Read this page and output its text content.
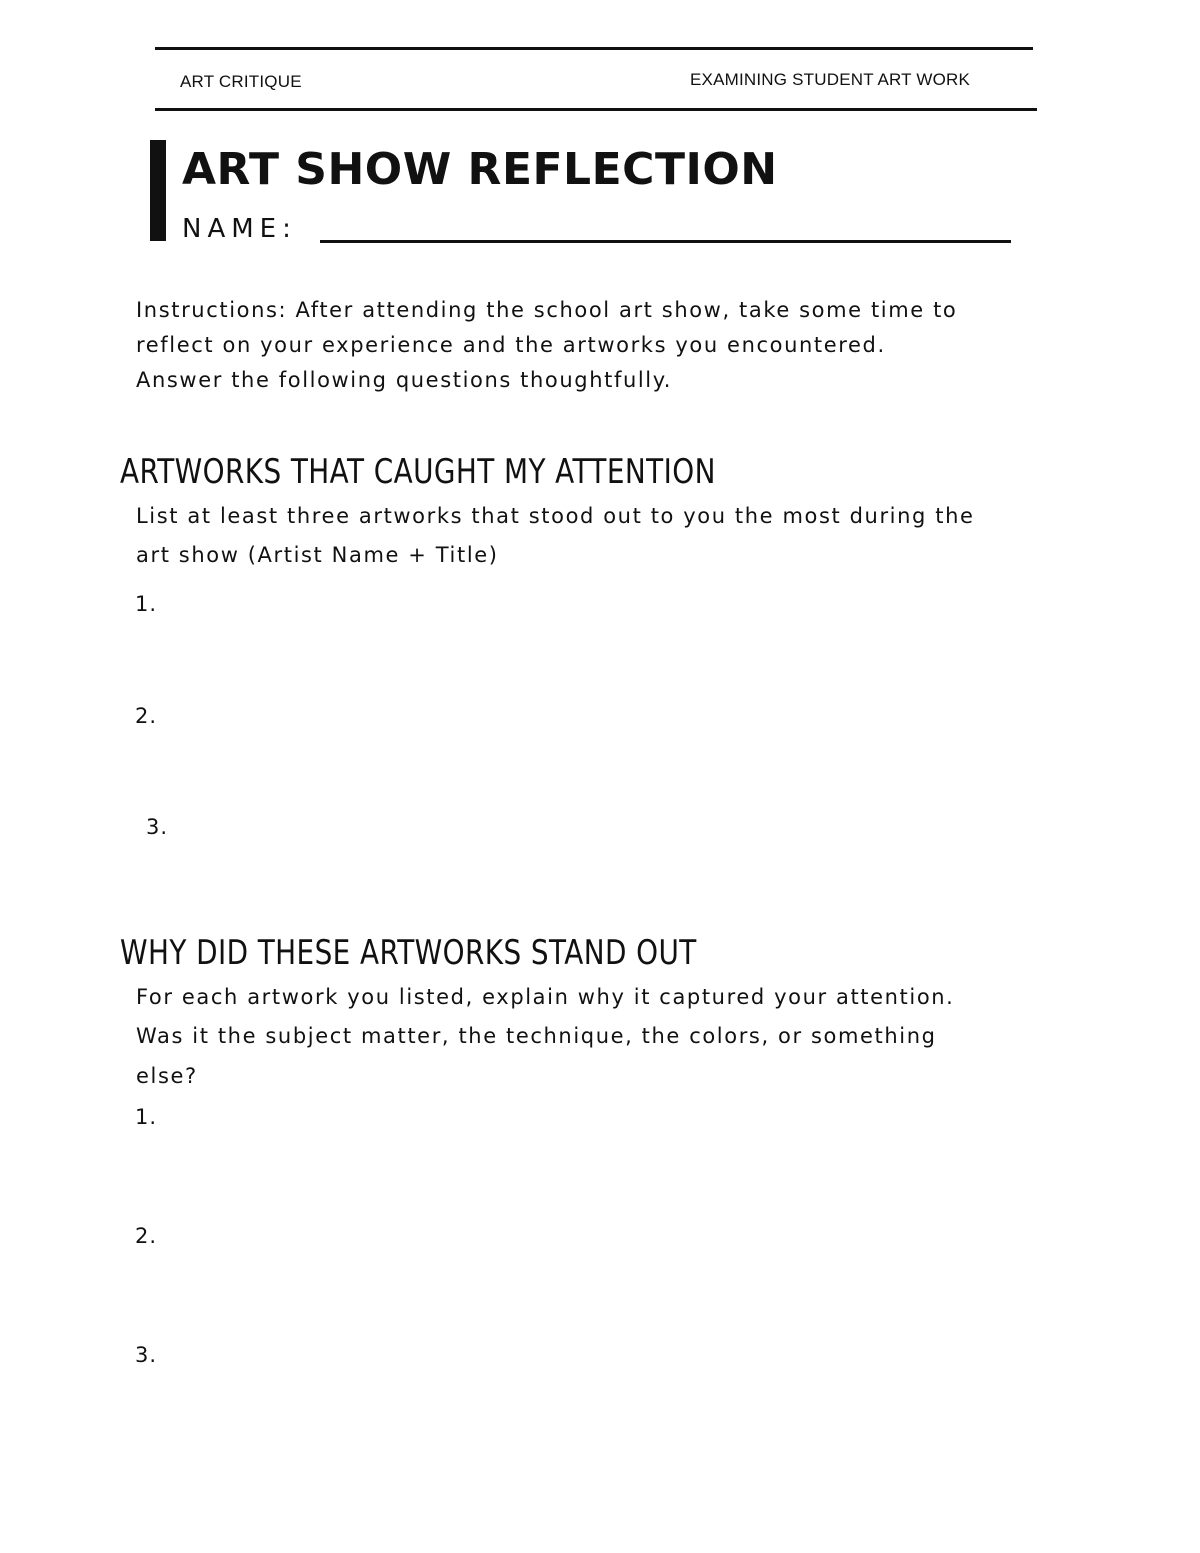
ART CRITIQUE	EXAMINING STUDENT ART WORK
ART SHOW REFLECTION
NAME:
Instructions: After attending the school art show, take some time to
reflect on your experience and the artworks you encountered.
Answer the following questions thoughtfully.
ARTWORKS THAT CAUGHT MY ATTENTION
List at least three artworks that stood out to you the most during the
art show (Artist Name + Title)
1.
2.
3.
WHY DID THESE ARTWORKS STAND OUT
For each artwork you listed, explain why it captured your attention.
Was it the subject matter, the technique, the colors, or something
else?
1.
2.
3.
